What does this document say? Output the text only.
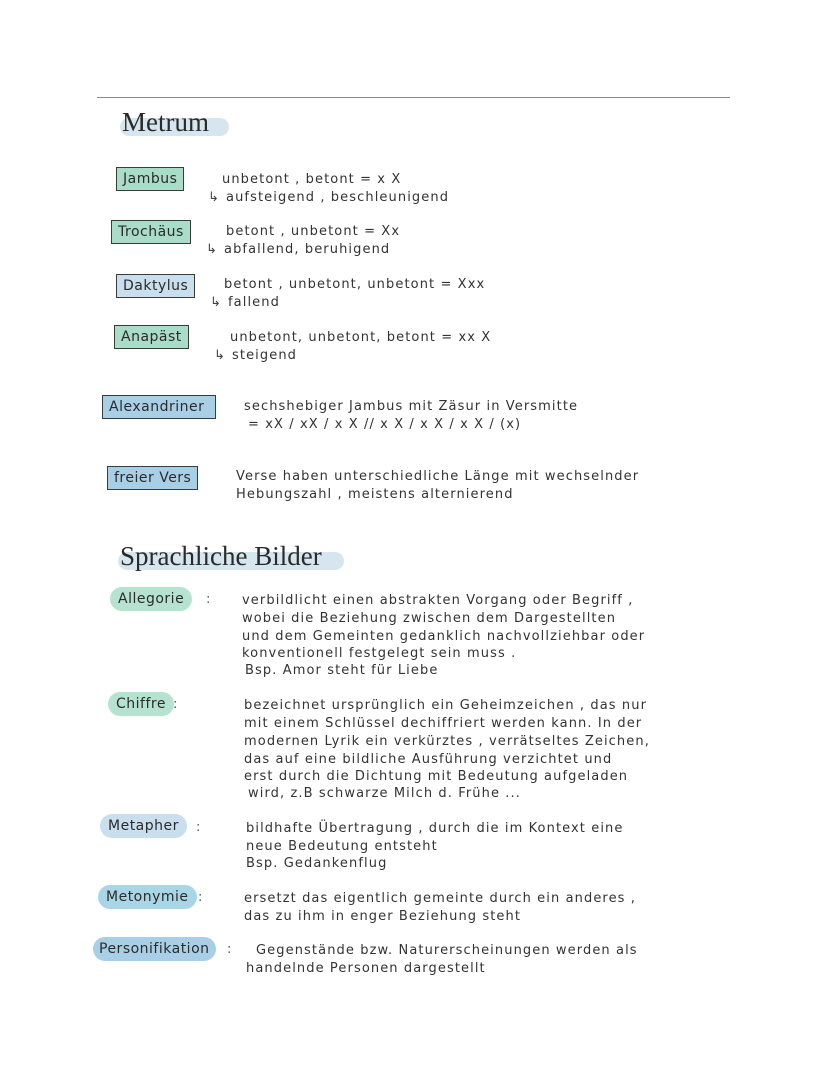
Metrum
Jambus	unbetont , betont = x X
↳ aufsteigend , beschleunigend
Trochäus	betont , unbetont = Xx
↳ abfallend, beruhigend
Daktylus	betont , unbetont, unbetont = Xxx
↳ fallend
Anapäst	unbetont, unbetont, betont = xx X
↳ steigend
Alexandriner	sechshebiger Jambus mit Zäsur in Versmitte
= xX / xX / x X // x X / x X / x X / (x)
freier Vers	Verse haben unterschiedliche Länge mit wechselnder
Hebungszahl , meistens alternierend
Sprachliche Bilder
Allegorie	: verbildlicht einen abstrakten Vorgang oder Begriff ,
wobei die Beziehung zwischen dem Dargestellten
und dem Gemeinten gedanklich nachvollziehbar oder
konventionell festgelegt sein muss .
Bsp. Amor steht für Liebe
Chiffre :	bezeichnet ursprünglich ein Geheimzeichen , das nur
mit einem Schlüssel dechiffriert werden kann. In der
modernen Lyrik ein verkürztes , verrätseltes Zeichen,
das auf eine bildliche Ausführung verzichtet und
erst durch die Dichtung mit Bedeutung aufgeladen
wird, z.B schwarze Milch d. Frühe ...
Metapher	:	bildhafte Übertragung , durch die im Kontext eine
neue Bedeutung entsteht
Bsp. Gedankenflug
Metonymie :	ersetzt das eigentlich gemeinte durch ein anderes ,
das zu ihm in enger Beziehung steht
Personifikation	: Gegenstände bzw. Naturerscheinungen werden als
handelnde Personen dargestellt
